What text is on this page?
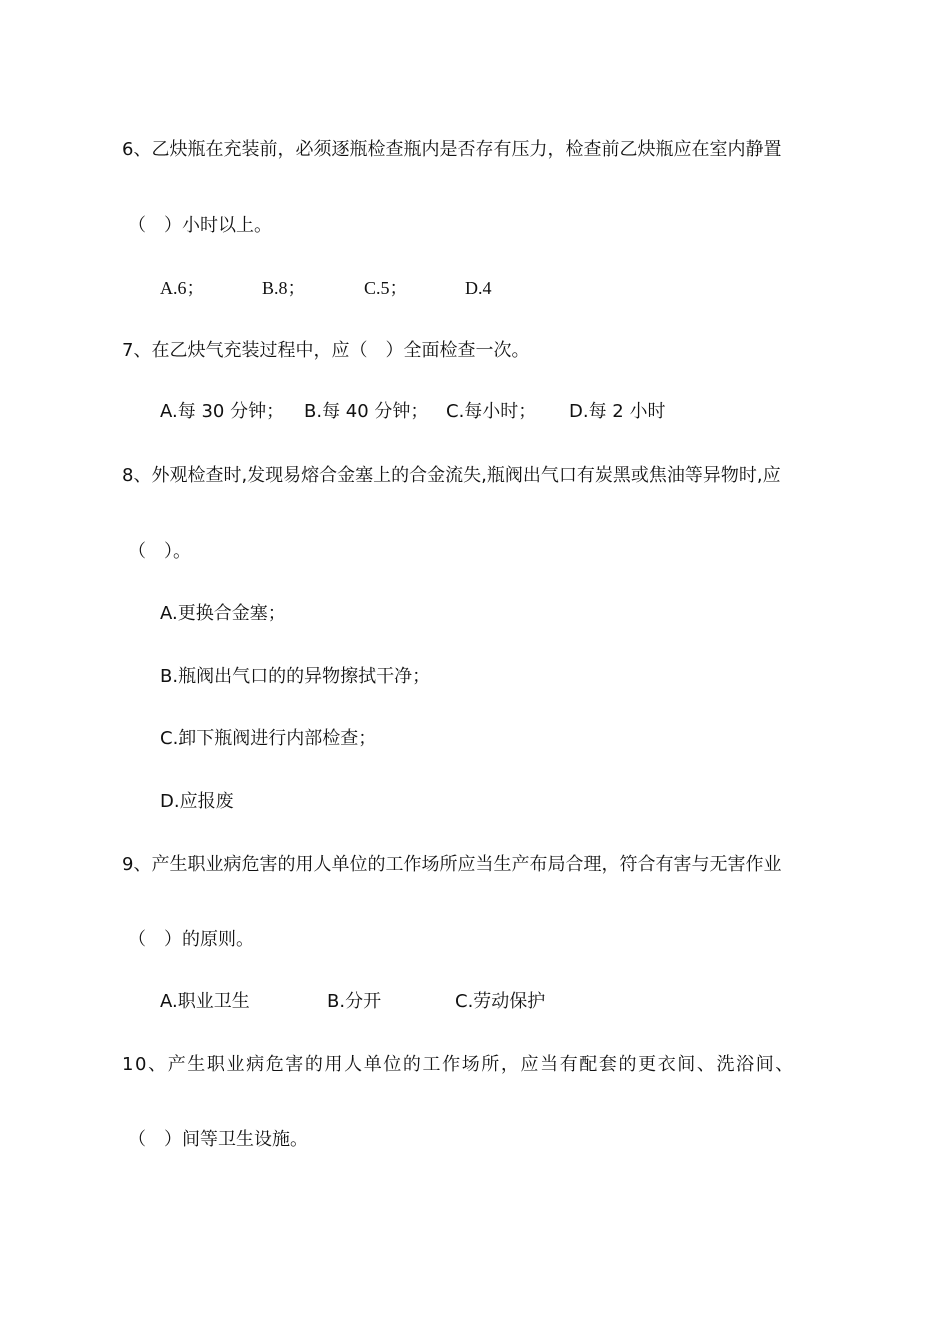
6、乙炔瓶在充装前，必须逐瓶检查瓶内是否存有压力，检查前乙炔瓶应在室内静置
（　）小时以上。
A.6；	B.8；	C.5；	D.4
7、在乙炔气充装过程中，应（　）全面检查一次。
A.每 30 分钟； B.每 40 分钟； C.每小时； D.每 2 小时
8、外观检查时,发现易熔合金塞上的合金流失,瓶阀出气口有炭黑或焦油等异物时,应
（　）。
A.更换合金塞；
B.瓶阀出气口的的异物擦拭干净；
C.卸下瓶阀进行内部检查；
D.应报废
9、产生职业病危害的用人单位的工作场所应当生产布局合理，符合有害与无害作业
（　）的原则。
A.职业卫生	B.分开	C.劳动保护
10、产生职业病危害的用人单位的工作场所，应当有配套的更衣间、洗浴间、
（　）间等卫生设施。
